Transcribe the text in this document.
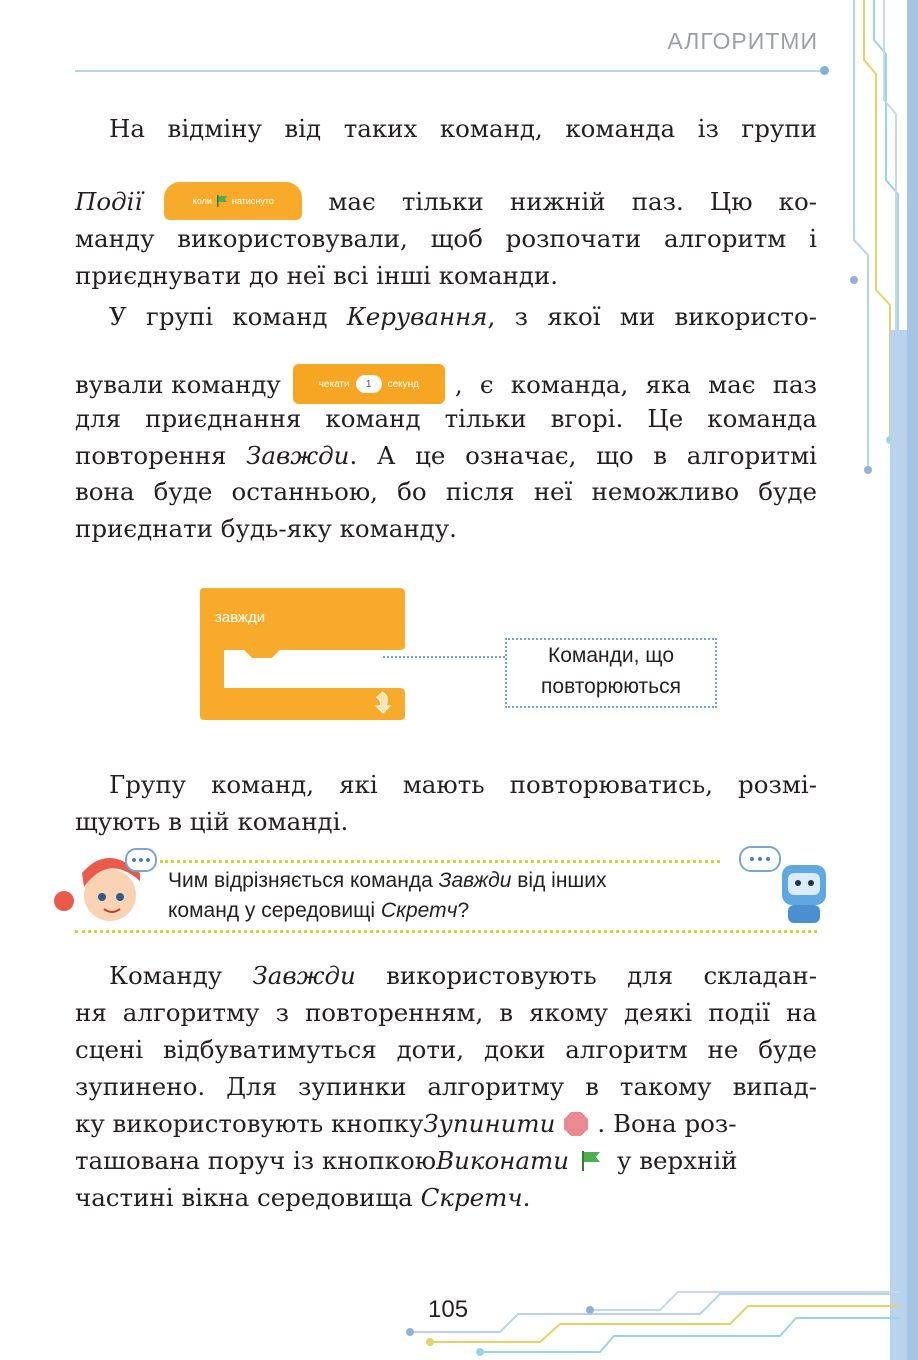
АЛГОРИТМИ
На відміну від таких команд, команда із групи
Події	коли натиснуто має тільки нижній паз. Цю ко-
манду використовували, щоб розпочати алгоритм і
приєднувати до неї всі інші команди.
У групі команд Керування, з якої ми використо-
вували команду	чекати	1	секунд , є команда, яка має паз
для приєднання команд тільки вгорі. Це команда
повторення Завжди. А це означає, що в алгоритмі
вона буде останньою, бо після неї неможливо буде
приєднати будь-яку команду.
завжди
Команди, що
повторюються
Групу команд, які мають повторюватись, розмі-
щують в цій команді.
Чим відрізняється команда Завжди від інших
команд у середовищі Скретч?
Команду Завжди використовують для складан-
ня алгоритму з повторенням, в якому деякі події на
сцені відбуватимуться доти, доки алгоритм не буде
зупинено. Для зупинки алгоритму в такому випад-
ку використовують кнопку Зупинити . Вона роз-
ташована поруч із кнопкою Виконати у верхній
частині вікна середовища Скретч.
105
